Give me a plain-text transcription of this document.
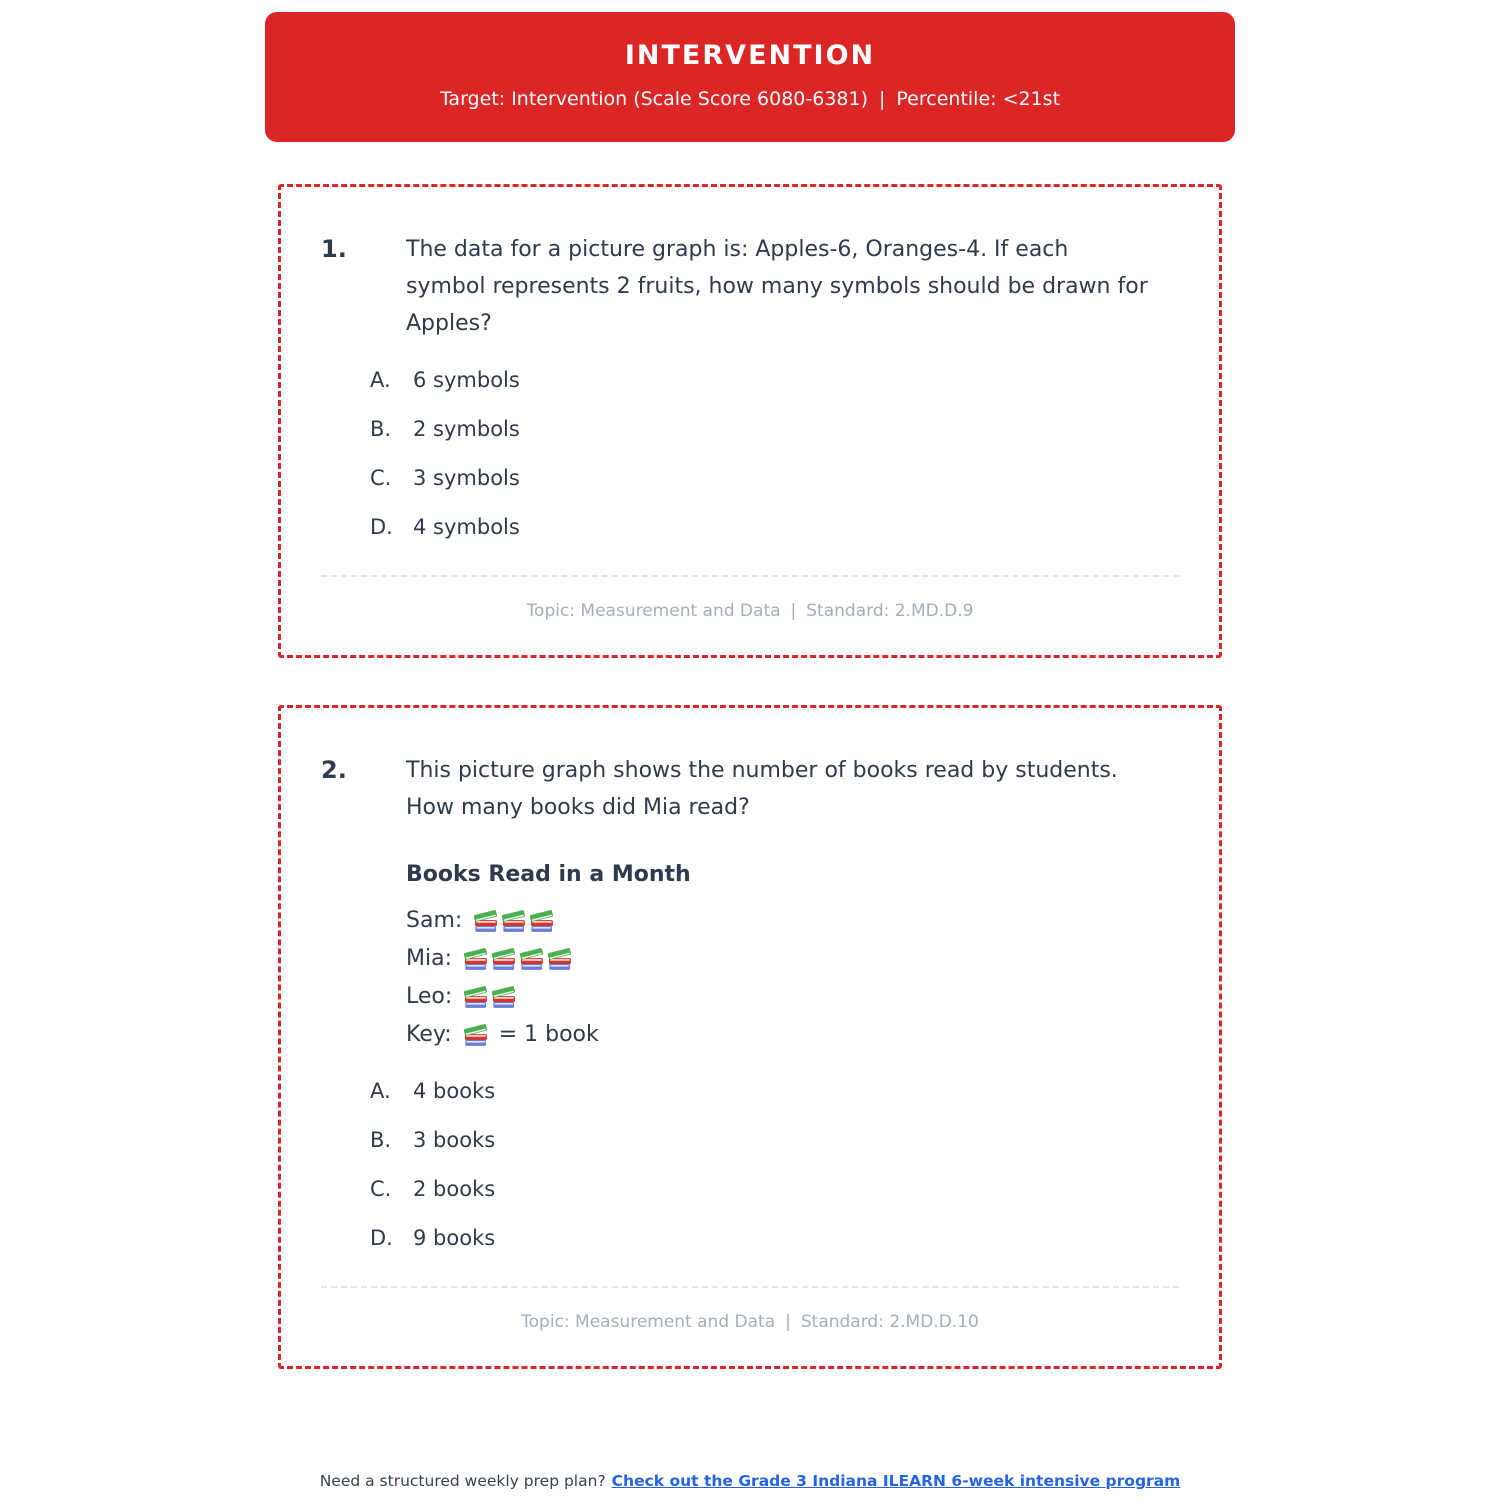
INTERVENTION
Target: Intervention (Scale Score 6080-6381) | Percentile: <21st
1.	The data for a picture graph is: Apples-6, Oranges-4. If each symbol represents 2 fruits, how many symbols should be drawn for Apples?
A. 6 symbols
B. 2 symbols
C. 3 symbols
D. 4 symbols
Topic: Measurement and Data | Standard: 2.MD.D.9
2.	This picture graph shows the number of books read by students. How many books did Mia read?
Books Read in a Month
Sam:
Mia:
Leo:
Key: = 1 book
A. 4 books
B. 3 books
C. 2 books
D. 9 books
Topic: Measurement and Data | Standard: 2.MD.D.10
Need a structured weekly prep plan? Check out the Grade 3 Indiana ILEARN 6-week intensive program
